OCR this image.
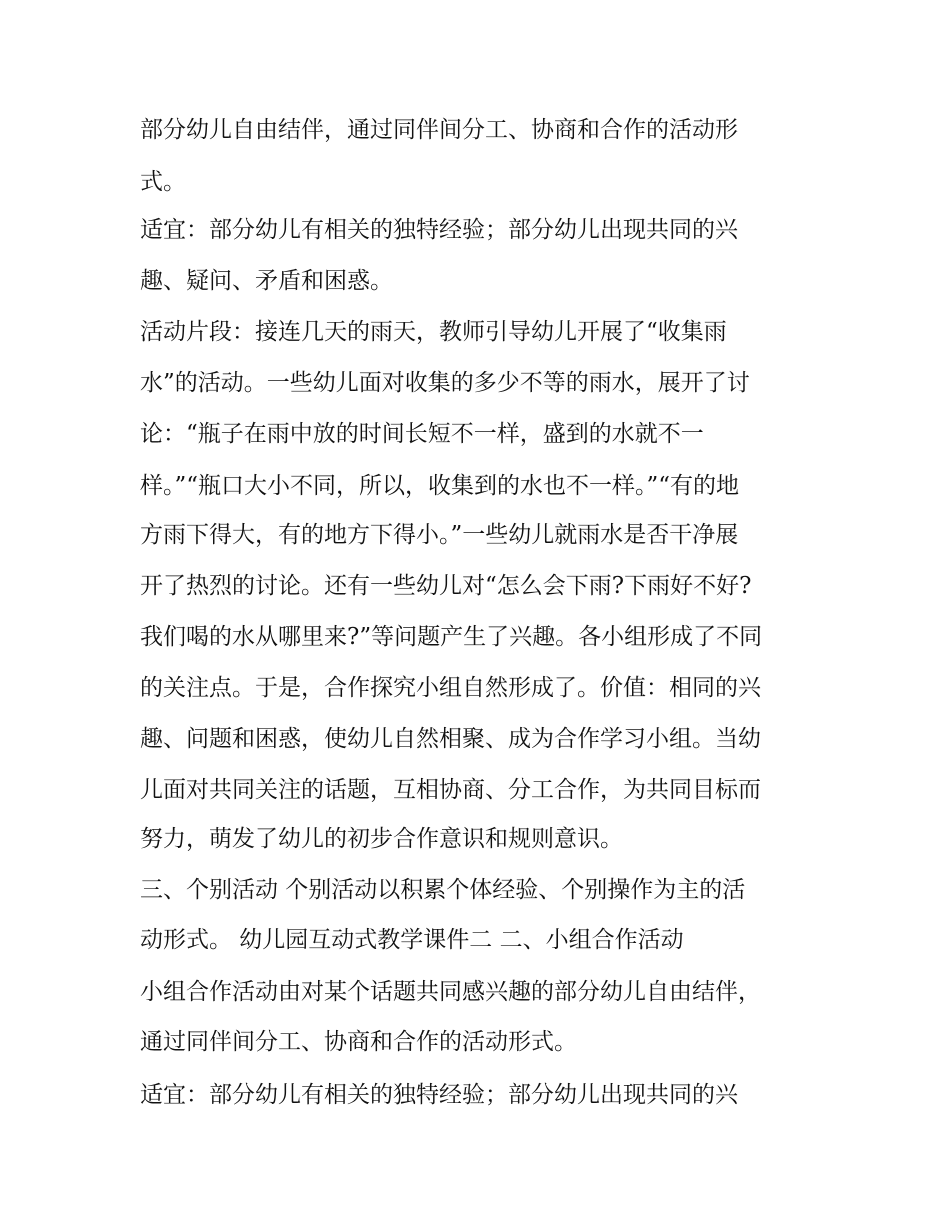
部分幼儿自由结伴，通过同伴间分工、协商和合作的活动形

式。

适宜：部分幼儿有相关的独特经验；部分幼儿出现共同的兴

趣、疑问、矛盾和困惑。

活动片段：接连几天的雨天，教师引导幼儿开展了“收集雨

水”的活动。一些幼儿面对收集的多少不等的雨水，展开了讨

论：“瓶子在雨中放的时间长短不一样，盛到的水就不一

样。”“瓶口大小不同，所以，收集到的水也不一样。”“有的地

方雨下得大，有的地方下得小。”一些幼儿就雨水是否干净展

开了热烈的讨论。还有一些幼儿对“怎么会下雨?下雨好不好?

我们喝的水从哪里来?”等问题产生了兴趣。各小组形成了不同

的关注点。于是，合作探究小组自然形成了。价值：相同的兴

趣、问题和困惑，使幼儿自然相聚、成为合作学习小组。当幼

儿面对共同关注的话题，互相协商、分工合作，为共同目标而

努力，萌发了幼儿的初步合作意识和规则意识。

三、个别活动 个别活动以积累个体经验、个别操作为主的活

动形式。 幼儿园互动式教学课件二 二、小组合作活动

小组合作活动由对某个话题共同感兴趣的部分幼儿自由结伴，

通过同伴间分工、协商和合作的活动形式。

适宜：部分幼儿有相关的独特经验；部分幼儿出现共同的兴
